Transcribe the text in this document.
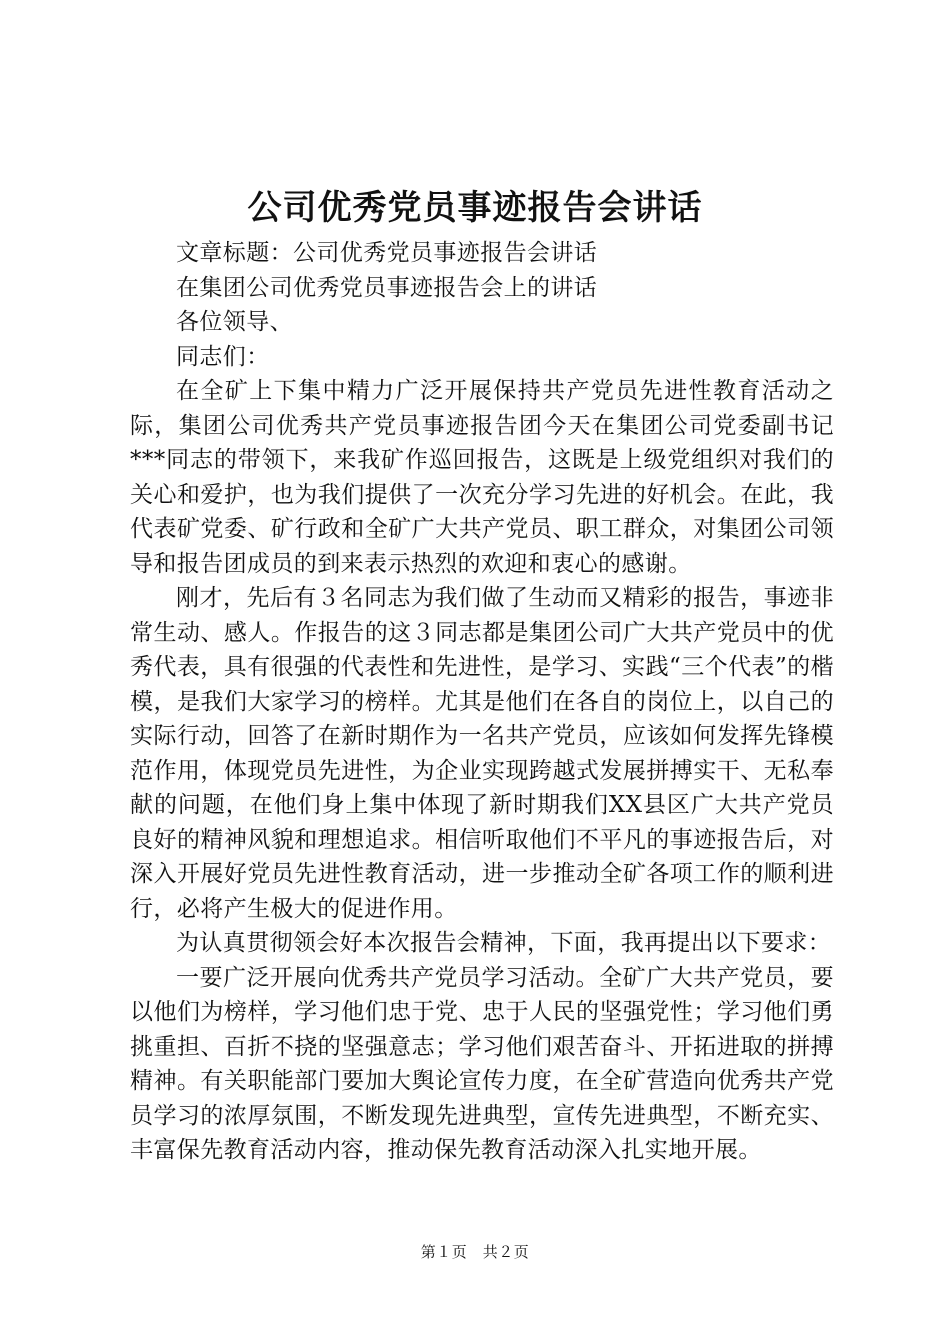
公司优秀党员事迹报告会讲话

文章标题：公司优秀党员事迹报告会讲话

在集团公司优秀党员事迹报告会上的讲话

各位领导、

同志们：

在全矿上下集中精力广泛开展保持共产党员先进性教育活动之际，集团公司优秀共产党员事迹报告团今天在集团公司党委副书记***同志的带领下，来我矿作巡回报告，这既是上级党组织对我们的关心和爱护，也为我们提供了一次充分学习先进的好机会。在此，我代表矿党委、矿行政和全矿广大共产党员、职工群众，对集团公司领导和报告团成员的到来表示热烈的欢迎和衷心的感谢。

刚才，先后有３名同志为我们做了生动而又精彩的报告，事迹非常生动、感人。作报告的这３同志都是集团公司广大共产党员中的优秀代表，具有很强的代表性和先进性，是学习、实践“三个代表”的楷模，是我们大家学习的榜样。尤其是他们在各自的岗位上，以自己的实际行动，回答了在新时期作为一名共产党员，应该如何发挥先锋模范作用，体现党员先进性，为企业实现跨越式发展拼搏实干、无私奉献的问题，在他们身上集中体现了新时期我们XX县区广大共产党员良好的精神风貌和理想追求。相信听取他们不平凡的事迹报告后，对深入开展好党员先进性教育活动，进一步推动全矿各项工作的顺利进行，必将产生极大的促进作用。

为认真贯彻领会好本次报告会精神，下面，我再提出以下要求：

一要广泛开展向优秀共产党员学习活动。全矿广大共产党员，要以他们为榜样，学习他们忠于党、忠于人民的坚强党性；学习他们勇挑重担、百折不挠的坚强意志；学习他们艰苦奋斗、开拓进取的拼搏精神。有关职能部门要加大舆论宣传力度，在全矿营造向优秀共产党员学习的浓厚氛围，不断发现先进典型，宣传先进典型，不断充实、丰富保先教育活动内容，推动保先教育活动深入扎实地开展。

第１页　共２页
